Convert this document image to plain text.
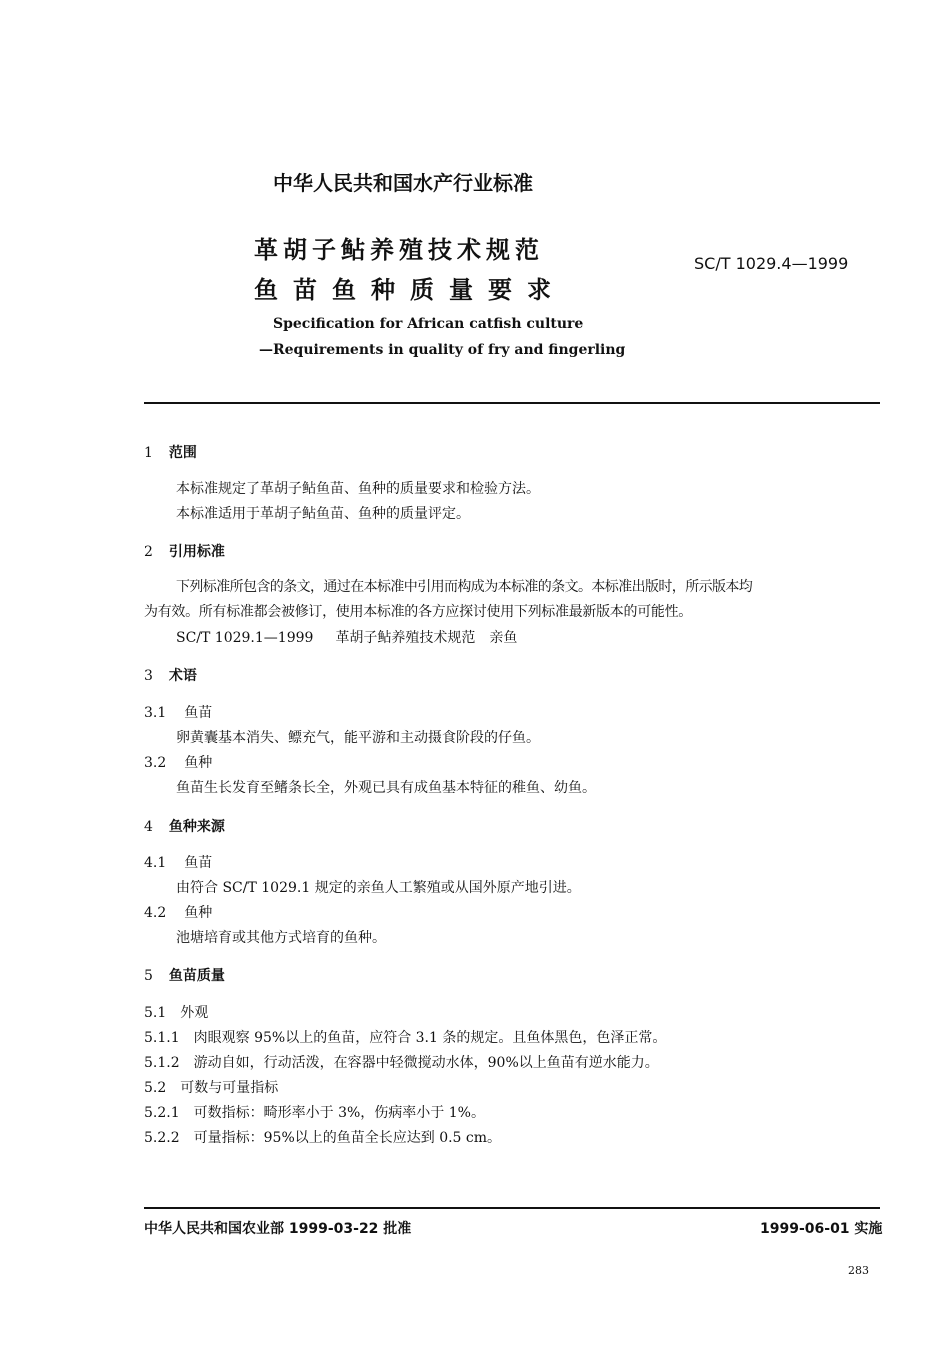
中华人民共和国水产行业标准
革胡子鲇养殖技术规范
鱼苗鱼种质量要求
SC/T 1029.4—1999
Specification for African catfish culture
—Requirements in quality of fry and fingerling
1 范围
本标准规定了革胡子鲇鱼苗、鱼种的质量要求和检验方法。
本标准适用于革胡子鲇鱼苗、鱼种的质量评定。
2 引用标准
下列标准所包含的条文，通过在本标准中引用而构成为本标准的条文。本标准出版时，所示版本均
为有效。所有标准都会被修订，使用本标准的各方应探讨使用下列标准最新版本的可能性。
SC/T 1029.1—1999 革胡子鲇养殖技术规范　亲鱼
3 术语
3.1 鱼苗
卵黄囊基本消失、鳔充气，能平游和主动摄食阶段的仔鱼。
3.2 鱼种
鱼苗生长发育至鳍条长全，外观已具有成鱼基本特征的稚鱼、幼鱼。
4 鱼种来源
4.1 鱼苗
由符合 SC/T 1029.1 规定的亲鱼人工繁殖或从国外原产地引进。
4.2 鱼种
池塘培育或其他方式培育的鱼种。
5 鱼苗质量
5.1 外观
5.1.1 肉眼观察 95%以上的鱼苗，应符合 3.1 条的规定。且鱼体黑色，色泽正常。
5.1.2 游动自如，行动活泼，在容器中轻微搅动水体，90%以上鱼苗有逆水能力。
5.2 可数与可量指标
5.2.1 可数指标：畸形率小于 3%，伤病率小于 1%。
5.2.2 可量指标：95%以上的鱼苗全长应达到 0.5 cm。
中华人民共和国农业部 1999-03-22 批准	1999-06-01 实施
283
